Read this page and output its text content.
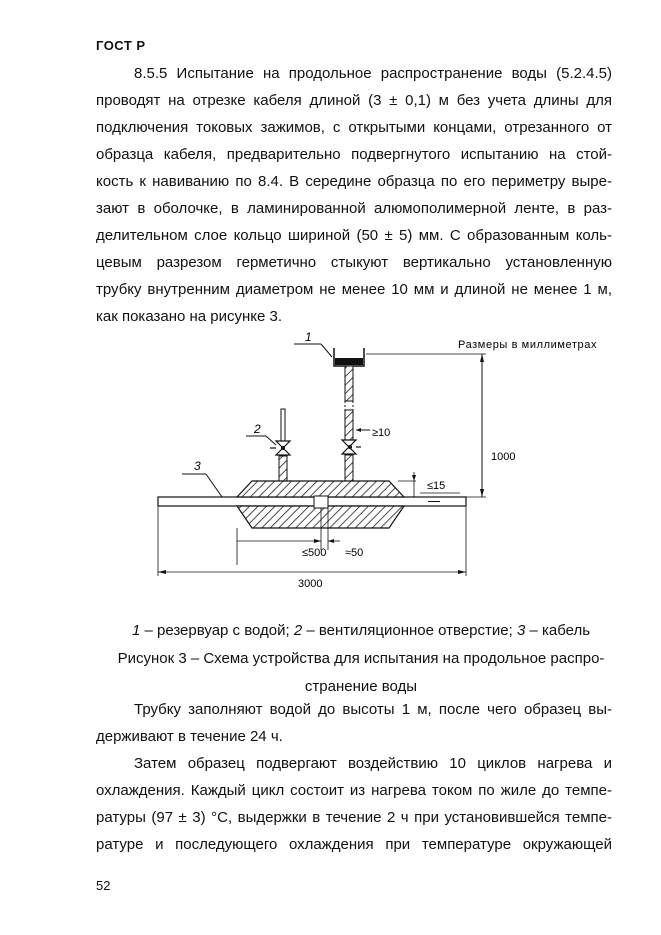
ГОСТ Р
8.5.5 Испытание на продольное распространение воды (5.2.4.5)
проводят на отрезке кабеля длиной (3 ± 0,1) м без учета длины для
подключения токовых зажимов, с открытыми концами, отрезанного от
образца кабеля, предварительно подвергнутого испытанию на стой-
кость к навиванию по 8.4. В середине образца по его периметру выре-
зают в оболочке, в ламинированной алюмополимерной ленте, в раз-
делительном слое кольцо шириной (50 ± 5) мм. С образованным коль-
цевым разрезом герметично стыкуют вертикально установленную
трубку внутренним диаметром не менее 10 мм и длиной не менее 1 м,
как показано на рисунке 3.
Размеры в миллиметрах
1
≥10
2
3
1000
≤15
≤500 ≈50
3000
1 – резервуар с водой; 2 – вентиляционное отверстие; 3 – кабель
Рисунок 3 – Схема устройства для испытания на продольное распро-
странение воды
Трубку заполняют водой до высоты 1 м, после чего образец вы-
держивают в течение 24 ч.
Затем образец подвергают воздействию 10 циклов нагрева и
охлаждения. Каждый цикл состоит из нагрева током по жиле до темпе-
ратуры (97 ± 3) °С, выдержки в течение 2 ч при установившейся темпе-
ратуре и последующего охлаждения при температуре окружающей
52
